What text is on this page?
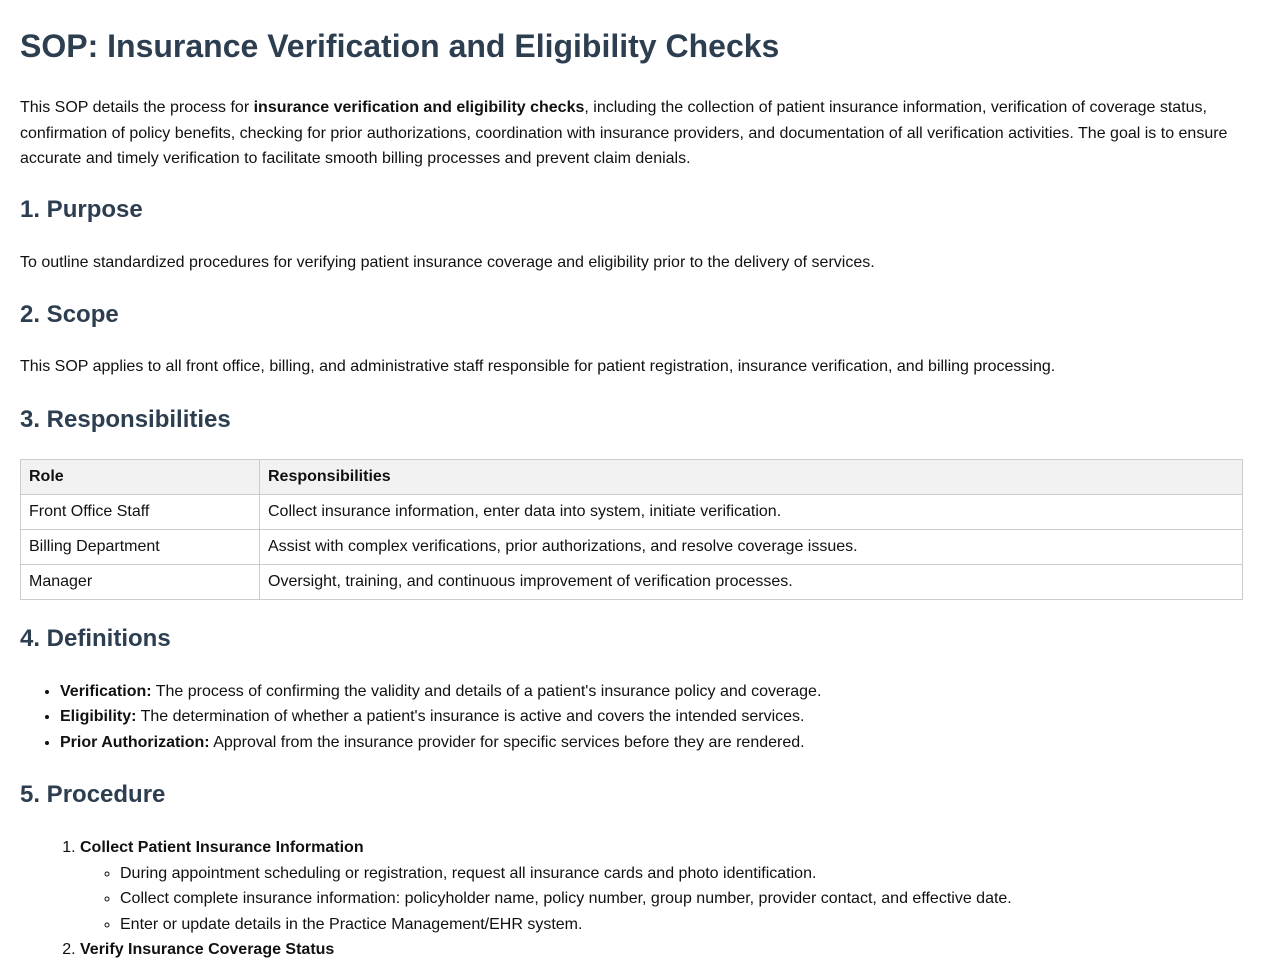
SOP: Insurance Verification and Eligibility Checks

This SOP details the process for insurance verification and eligibility checks, including the collection of patient insurance information, verification of coverage status, confirmation of policy benefits, checking for prior authorizations, coordination with insurance providers, and documentation of all verification activities. The goal is to ensure accurate and timely verification to facilitate smooth billing processes and prevent claim denials.

1. Purpose

To outline standardized procedures for verifying patient insurance coverage and eligibility prior to the delivery of services.

2. Scope

This SOP applies to all front office, billing, and administrative staff responsible for patient registration, insurance verification, and billing processing.

3. Responsibilities
Role	Responsibilities
Front Office Staff	Collect insurance information, enter data into system, initiate verification.
Billing Department	Assist with complex verifications, prior authorizations, and resolve coverage issues.
Manager	Oversight, training, and continuous improvement of verification processes.
4. Definitions
• Verification: The process of confirming the validity and details of a patient's insurance policy and coverage.
• Eligibility: The determination of whether a patient's insurance is active and covers the intended services.
• Prior Authorization: Approval from the insurance provider for specific services before they are rendered.
5. Procedure
1. Collect Patient Insurance Information
◦ During appointment scheduling or registration, request all insurance cards and photo identification.
◦ Collect complete insurance information: policyholder name, policy number, group number, provider contact, and effective date.
◦ Enter or update details in the Practice Management/EHR system.
2. Verify Insurance Coverage Status
